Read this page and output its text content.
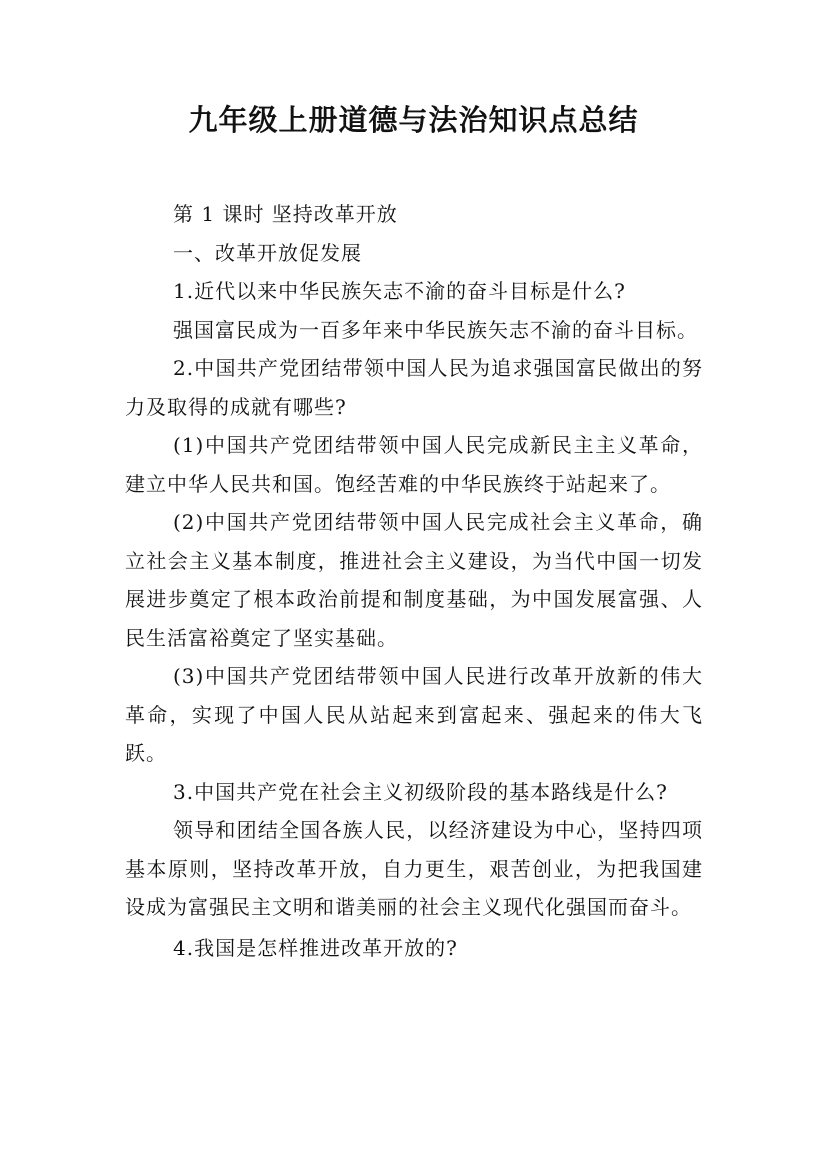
九年级上册道德与法治知识点总结

第 1 课时 坚持改革开放

一、改革开放促发展

1.近代以来中华民族矢志不渝的奋斗目标是什么?

强国富民成为一百多年来中华民族矢志不渝的奋斗目标。

2.中国共产党团结带领中国人民为追求强国富民做出的努力及取得的成就有哪些?

(1)中国共产党团结带领中国人民完成新民主主义革命，建立中华人民共和国。饱经苦难的中华民族终于站起来了。

(2)中国共产党团结带领中国人民完成社会主义革命，确立社会主义基本制度，推进社会主义建设，为当代中国一切发展进步奠定了根本政治前提和制度基础，为中国发展富强、人民生活富裕奠定了坚实基础。

(3)中国共产党团结带领中国人民进行改革开放新的伟大革命，实现了中国人民从站起来到富起来、强起来的伟大飞跃。

3.中国共产党在社会主义初级阶段的基本路线是什么?

领导和团结全国各族人民，以经济建设为中心，坚持四项基本原则，坚持改革开放，自力更生，艰苦创业，为把我国建设成为富强民主文明和谐美丽的社会主义现代化强国而奋斗。

4.我国是怎样推进改革开放的?
